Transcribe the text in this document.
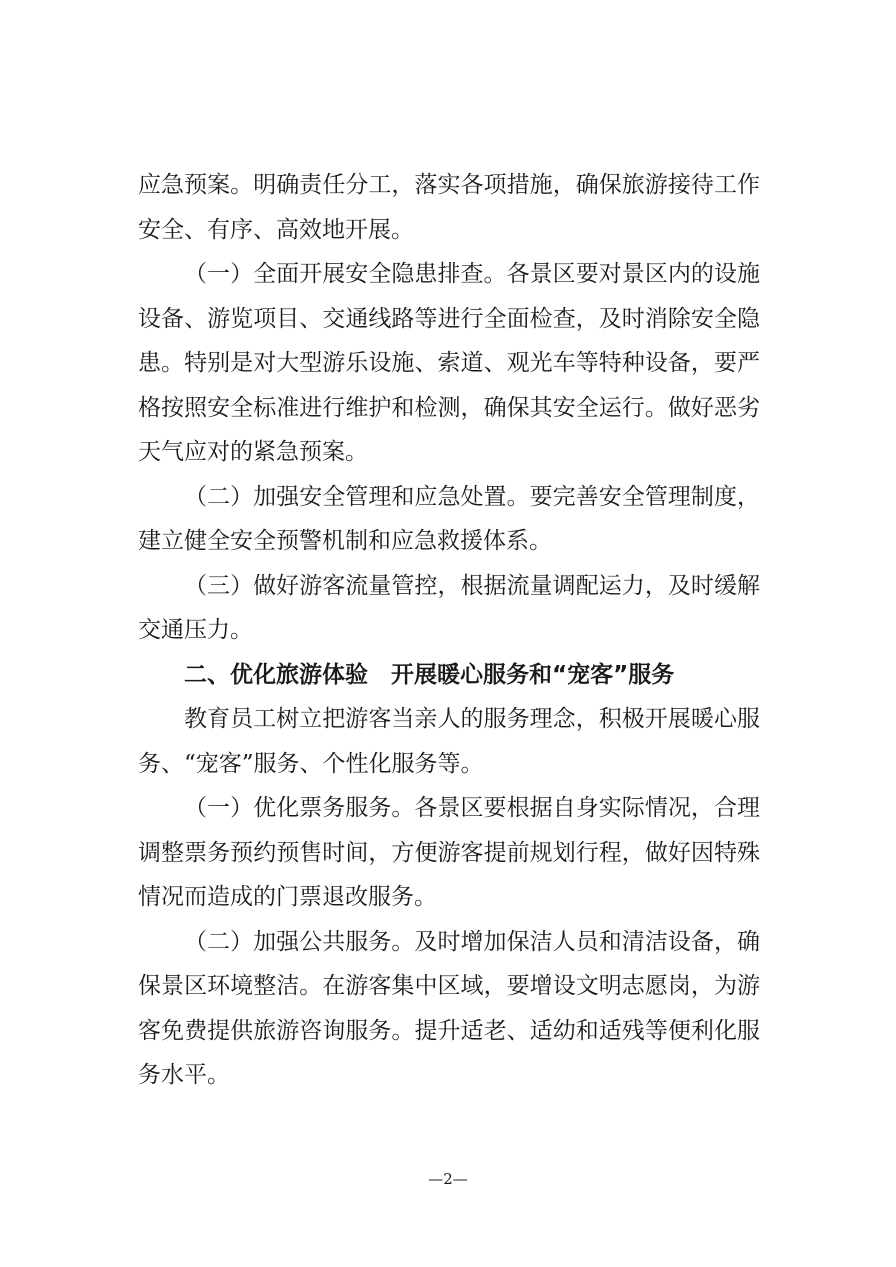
应急预案。明确责任分工，落实各项措施，确保旅游接待工作安全、有序、高效地开展。

（一）全面开展安全隐患排查。各景区要对景区内的设施设备、游览项目、交通线路等进行全面检查，及时消除安全隐患。特别是对大型游乐设施、索道、观光车等特种设备，要严格按照安全标准进行维护和检测，确保其安全运行。做好恶劣天气应对的紧急预案。

（二）加强安全管理和应急处置。要完善安全管理制度，建立健全安全预警机制和应急救援体系。

（三）做好游客流量管控，根据流量调配运力，及时缓解交通压力。

二、优化旅游体验 开展暖心服务和“宠客”服务

教育员工树立把游客当亲人的服务理念，积极开展暖心服务、“宠客”服务、个性化服务等。

（一）优化票务服务。各景区要根据自身实际情况，合理调整票务预约预售时间，方便游客提前规划行程，做好因特殊情况而造成的门票退改服务。

（二）加强公共服务。及时增加保洁人员和清洁设备，确保景区环境整洁。在游客集中区域，要增设文明志愿岗，为游客免费提供旅游咨询服务。提升适老、适幼和适残等便利化服务水平。

—2—
